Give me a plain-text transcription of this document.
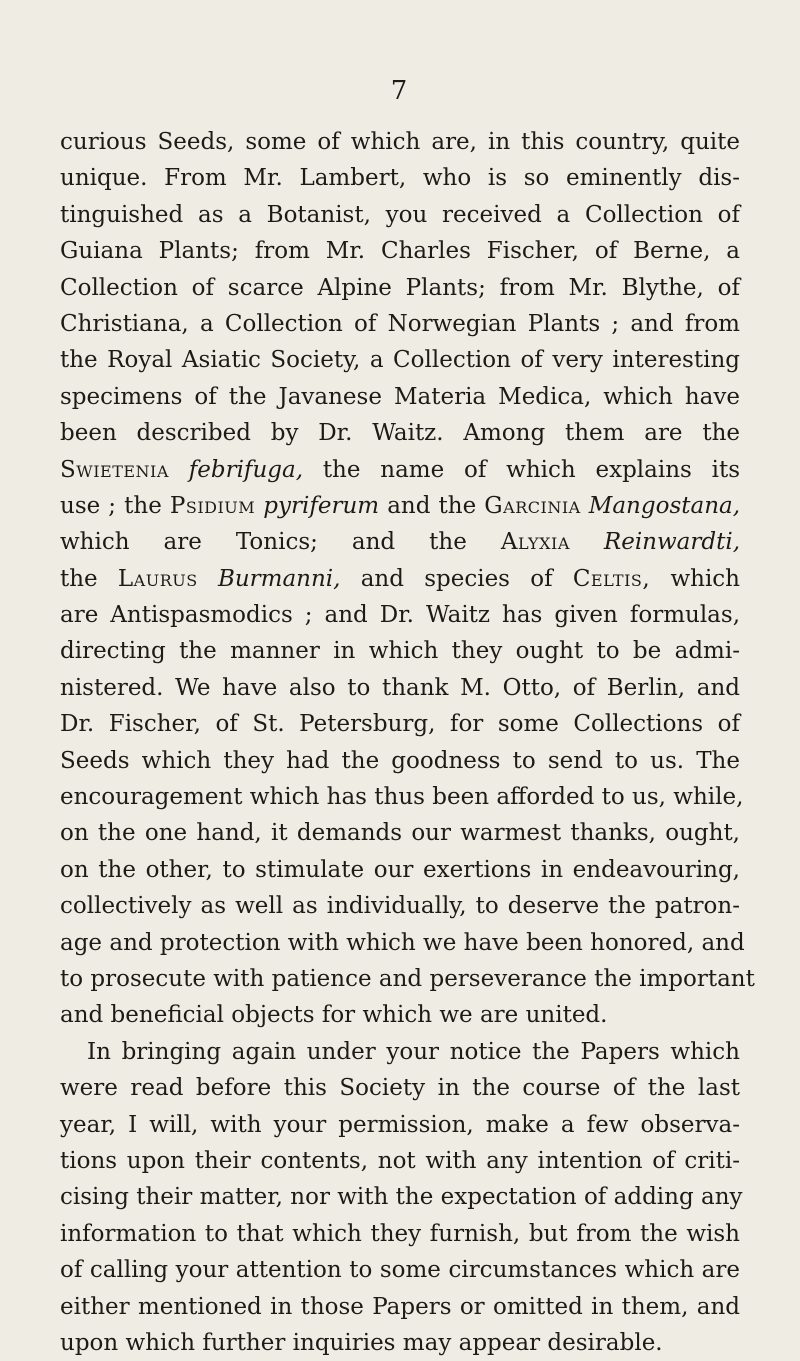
7
curious Seeds, some of which are, in this country, quite
unique. From Mr. Lambert, who is so eminently dis-
tinguished as a Botanist, you received a Collection of
Guiana Plants; from Mr. Charles Fischer, of Berne, a
Collection of scarce Alpine Plants; from Mr. Blythe, of
Christiana, a Collection of Norwegian Plants ; and from
the Royal Asiatic Society, a Collection of very interesting
specimens of the Javanese Materia Medica, which have
been described by Dr. Waitz. Among them are the
Swietenia febrifuga, the name of which explains its
use ; the Psidium pyriferum and the Garcinia Mangostana,
which are Tonics; and the Alyxia Reinwardti,
the Laurus Burmanni, and species of Celtis, which
are Antispasmodics ; and Dr. Waitz has given formulas,
directing the manner in which they ought to be admi-
nistered. We have also to thank M. Otto, of Berlin, and
Dr. Fischer, of St. Petersburg, for some Collections of
Seeds which they had the goodness to send to us. The
encouragement which has thus been afforded to us, while,
on the one hand, it demands our warmest thanks, ought,
on the other, to stimulate our exertions in endeavouring,
collectively as well as individually, to deserve the patron-
age and protection with which we have been honored, and
to prosecute with patience and perseverance the important
and beneficial objects for which we are united.
In bringing again under your notice the Papers which
were read before this Society in the course of the last
year, I will, with your permission, make a few observa-
tions upon their contents, not with any intention of criti-
cising their matter, nor with the expectation of adding any
information to that which they furnish, but from the wish
of calling your attention to some circumstances which are
either mentioned in those Papers or omitted in them, and
upon which further inquiries may appear desirable.
